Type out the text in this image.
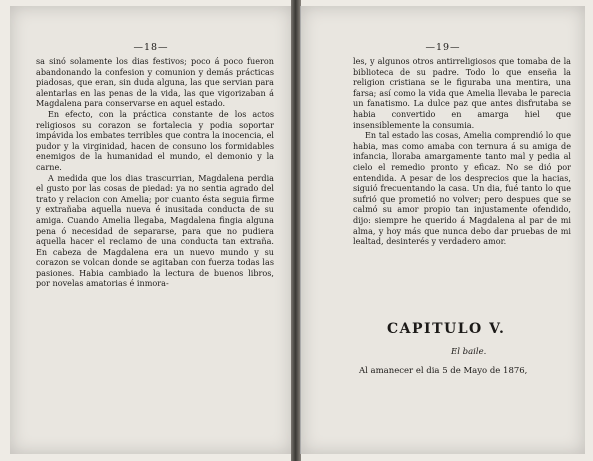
—18—

sa sinó solamente los dias festivos; poco á poco fueron abandonando la confesion y comunion y demás prácticas piadosas, que eran, sin duda alguna, las que servian para alentarlas en las penas de la vida, las que vigorizaban á Magdalena para conservarse en aquel estado.

En efecto, con la práctica constante de los actos religiosos su corazon se fortalecia y podia soportar impávida los embates terribles que contra la inocencia, el pudor y la virginidad, hacen de consuno los formidables enemigos de la humanidad el mundo, el demonio y la carne.

A medida que los dias trascurrian, Magdalena perdia el gusto por las cosas de piedad: ya no sentia agrado del trato y relacion con Amelia; por cuanto ésta seguia firme y extrañaba aquella nueva é inusitada conducta de su amiga. Cuando Amelia llegaba, Magdalena fingia alguna pena ó necesidad de separarse, para que no pudiera aquella hacer el reclamo de una conducta tan extraña. En cabeza de Magdalena era un nuevo mundo y su corazon se volcan donde se agitaban con fuerza todas las pasiones. Habia cambiado la lectura de buenos libros, por novelas amatorias é inmora-

—19—

les, y algunos otros antirreligiosos que tomaba de la biblioteca de su padre. Todo lo que enseña la religion cristiana se le figuraba una mentira, una farsa; así como la vida que Amelia llevaba le parecia un fanatismo. La dulce paz que antes disfrutaba se habia convertido en amarga hiel que insensiblemente la consumia.

En tal estado las cosas, Amelia comprendió lo que habia, mas como amaba con ternura á su amiga de infancia, lloraba amargamente tanto mal y pedia al cielo el remedio pronto y eficaz. No se dió por entendida. A pesar de los desprecios que la hacias, siguió frecuentando la casa. Un dia, fué tanto lo que sufrió que prometió no volver; pero despues que se calmó su amor propio tan injustamente ofendido, dijo: siempre he querido á Magdalena al par de mi alma, y hoy más que nunca debo dar pruebas de mi lealtad, desinterés y verdadero amor.

CAPITULO V.
El baile.
Al amanecer el dia 5 de Mayo de 1876,
